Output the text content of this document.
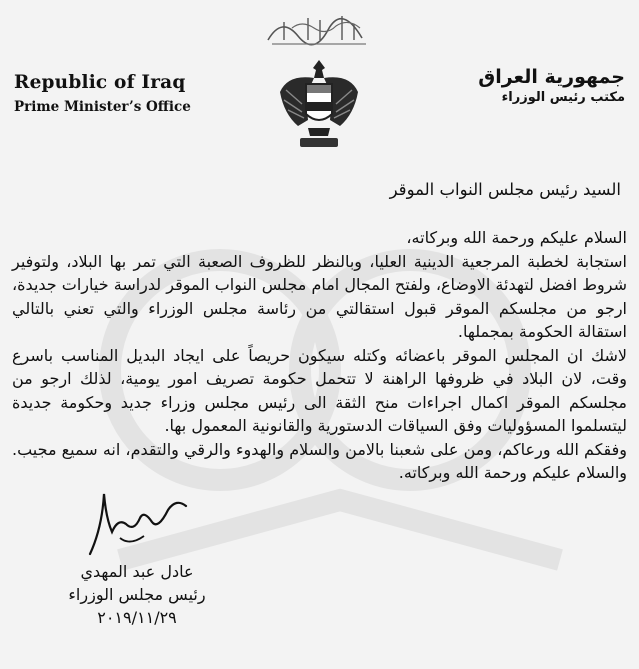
Republic of Iraq
Prime Minister’s Office
جمهورية العراق
مكتب رئيس الوزراء
السيد رئيس مجلس النواب الموقر

السلام عليكم ورحمة الله وبركاته،

استجابة لخطبة المرجعية الدينية العليا، وبالنظر للظروف الصعبة التي تمر بها البلاد، ولتوفير شروط افضل لتهدئة الاوضاع، ولفتح المجال امام مجلس النواب الموقر لدراسة خيارات جديدة، ارجو من مجلسكم الموقر قبول استقالتي من رئاسة مجلس الوزراء والتي تعني بالتالي استقالة الحكومة بمجملها.

لاشك ان المجلس الموقر باعضائه وكتله سيكون حريصاً على ايجاد البديل المناسب باسرع وقت، لان البلاد في ظروفها الراهنة لا تتحمل حكومة تصريف امور يومية، لذلك ارجو من مجلسكم الموقر اكمال اجراءات منح الثقة الى رئيس مجلس وزراء جديد وحكومة جديدة ليتسلموا المسؤوليات وفق السياقات الدستورية والقانونية المعمول بها.

وفقكم الله ورعاكم، ومن على شعبنا بالامن والسلام والهدوء والرقي والتقدم، انه سميع مجيب. والسلام عليكم ورحمة الله وبركاته.

عادل عبد المهدي
رئيس مجلس الوزراء
٢٠١٩/١١/٢٩
